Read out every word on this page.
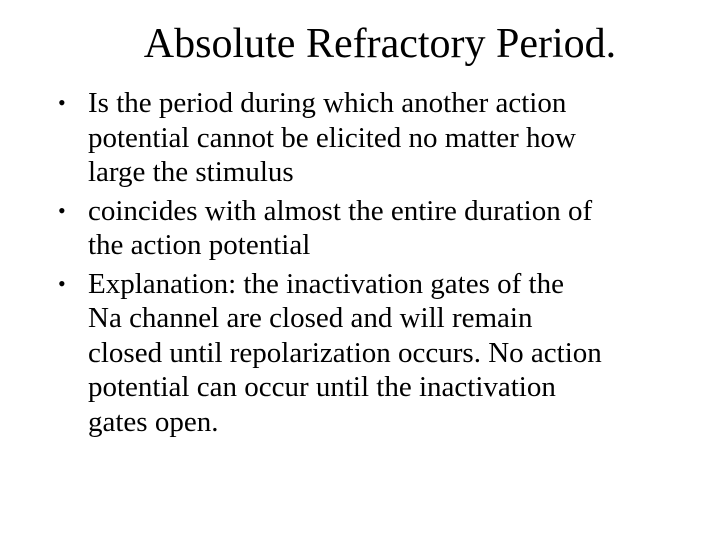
Absolute Refractory Period.
• Is the period during which another action
potential cannot be elicited no matter how
large the stimulus
• coincides with almost the entire duration of
the action potential
• Explanation: the inactivation gates of the
Na channel are closed and will remain
closed until repolarization occurs. No action
potential can occur until the inactivation
gates open.
